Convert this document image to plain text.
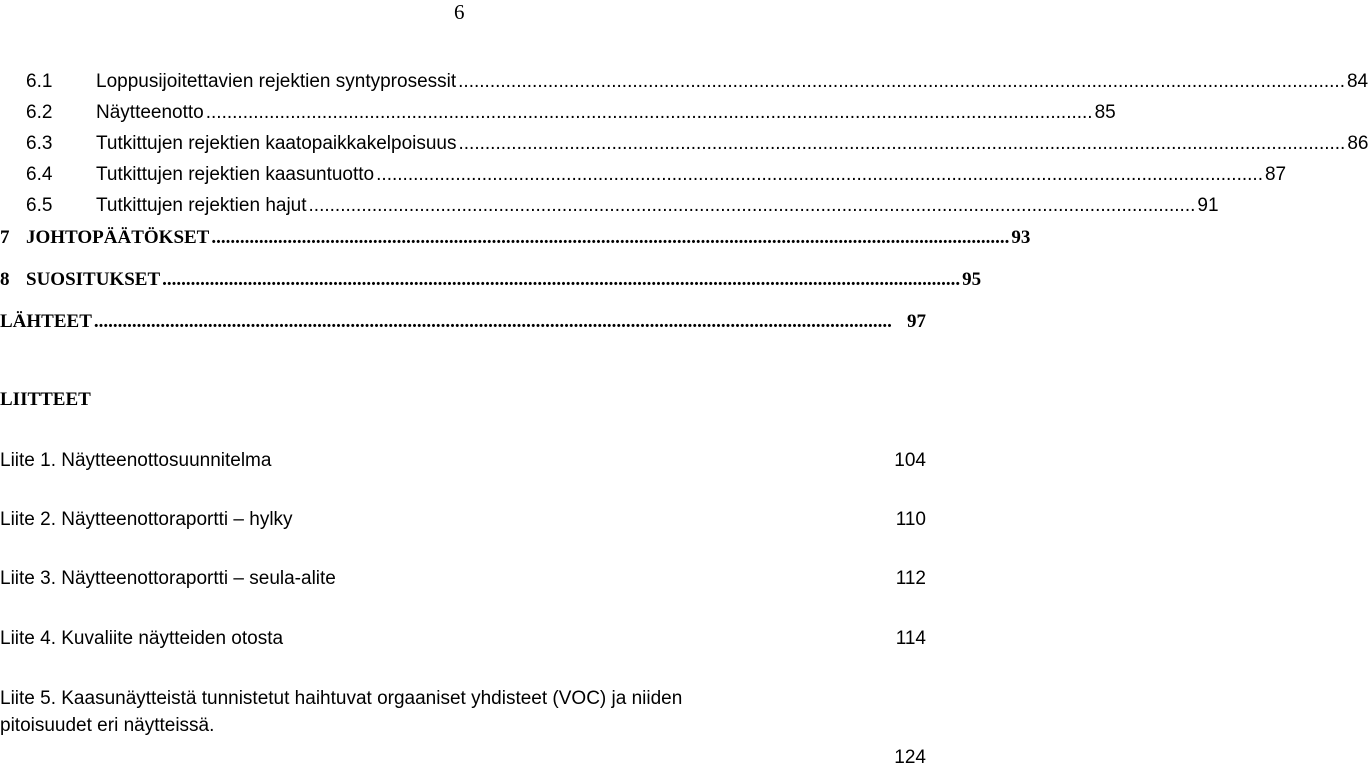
6
6.1	Loppusijoitettavien rejektien syntyprosessit ........................................................................................................................................................................ 84
6.2	Näytteenotto ........................................................................................................................................................................ 85
6.3	Tutkittujen rejektien kaatopaikkakelpoisuus ........................................................................................................................................................................ 86
6.4	Tutkittujen rejektien kaasuntuotto ........................................................................................................................................................................ 87
6.5	Tutkittujen rejektien hajut ........................................................................................................................................................................ 91
7 JOHTOPÄÄTÖKSET ........................................................................................................................................................................ 93
8 SUOSITUKSET ........................................................................................................................................................................ 95
LÄHTEET ........................................................................................................................................................................ 97
LIITTEET
Liite 1. Näytteenottosuunnitelma
	104
Liite 2. Näytteenottoraportti – hylky
	110
Liite 3. Näytteenottoraportti – seula-alite
	112
Liite 4. Kuvaliite näytteiden otosta
	114
Liite 5. Kaasunäytteistä tunnistetut haihtuvat orgaaniset yhdisteet (VOC) ja niiden
pitoisuudet eri näytteissä.

124
